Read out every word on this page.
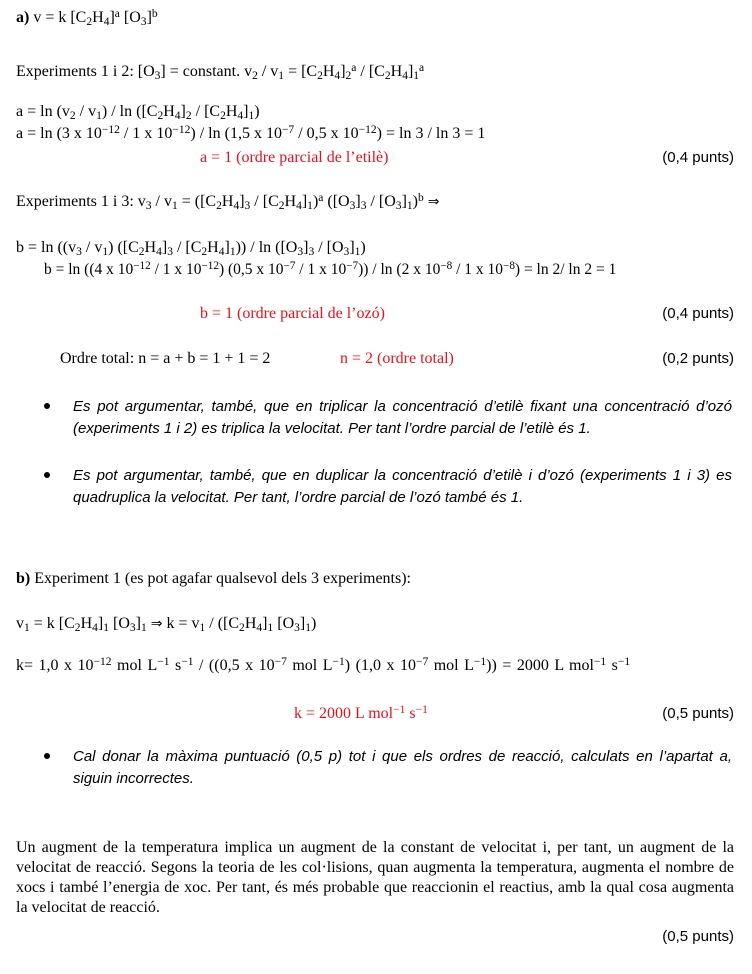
a) v = k $[C2H4]^a$ $[O3]^b$
Experiments 1 i 2: [O3] = constant. $v2 / v1 = [C2H4]2^a / [C2H4]1^a$
a = ln (v2 / v1) / ln ([C2H4]2 / [C2H4]1)
a = ln (3 x $10^{-12} / 1$ x $10^{-12}$) / ln (1,5 x $10^{-7} / 0,5$ x $10^{-12}) = \ln 3 / \ln 3 = 1$
a = 1 (ordre parcial de l’etilè)	(0,4 punts)
Experiments 1 i 3: v3 / v1 = ([C2H4]3 / [C2H4]1)$^a$ ([O3]3 / [O3]1)$^b$ ⇒
b = ln ((v3 / v1) ([C2H4]3 / [C2H4]1)) / ln ([O3]3 / [O3]1)
b = ln ((4 x $10^{-12} / 1$ x $10^{-12}$) (0,5 x $10^{-7} / 1$ x $10^{-7}$)) / ln (2 x $10^{-8} / 1$ x $10^{-8}) = \ln 2/$ ln 2 = 1
b = 1 (ordre parcial de l’ozó)	(0,4 punts)
Ordre total: n = a + b = 1 + 1 = 2	n = 2 (ordre total)	(0,2 punts)
Es pot argumentar, també, que en triplicar la concentració d’etilè fixant una concentració d’ozó (experiments 1 i 2) es triplica la velocitat. Per tant l’ordre parcial de l’etilè és 1.
Es pot argumentar, també, que en duplicar la concentració d’etilè i d’ozó (experiments 1 i 3) es quadruplica la velocitat. Per tant, l’ordre parcial de l’ozó també és 1.
b) Experiment 1 (es pot agafar qualsevol dels 3 experiments):
v1 = k [C2H4]1 [O3]1 ⇒ k = v1 / ([C2H4]1 [O3]1)
k= 1,0 x $10^{-12}$ mol $L^{-1}$ $s^{-1} / ((0,5$ x $10^{-7}$ mol $L^{-1}$) (1,0 x $10^{-7}$ mol $L^{-1})) = 2000$ L mol$^{-1}$ $s^{-1}$
k = 2000 L mol$^{-1}$ $s^{-1}$	(0,5 punts)
Cal donar la màxima puntuació (0,5 p) tot i que els ordres de reacció, calculats en l’apartat a, siguin incorrectes.
Un augment de la temperatura implica un augment de la constant de velocitat i, per tant, un augment de la velocitat de reacció. Segons la teoria de les col·lisions, quan augmenta la temperatura, augmenta el nombre de xocs i també l’energia de xoc. Per tant, és més probable que reaccionin el reactius, amb la qual cosa augmenta la velocitat de reacció.
(0,5 punts)
